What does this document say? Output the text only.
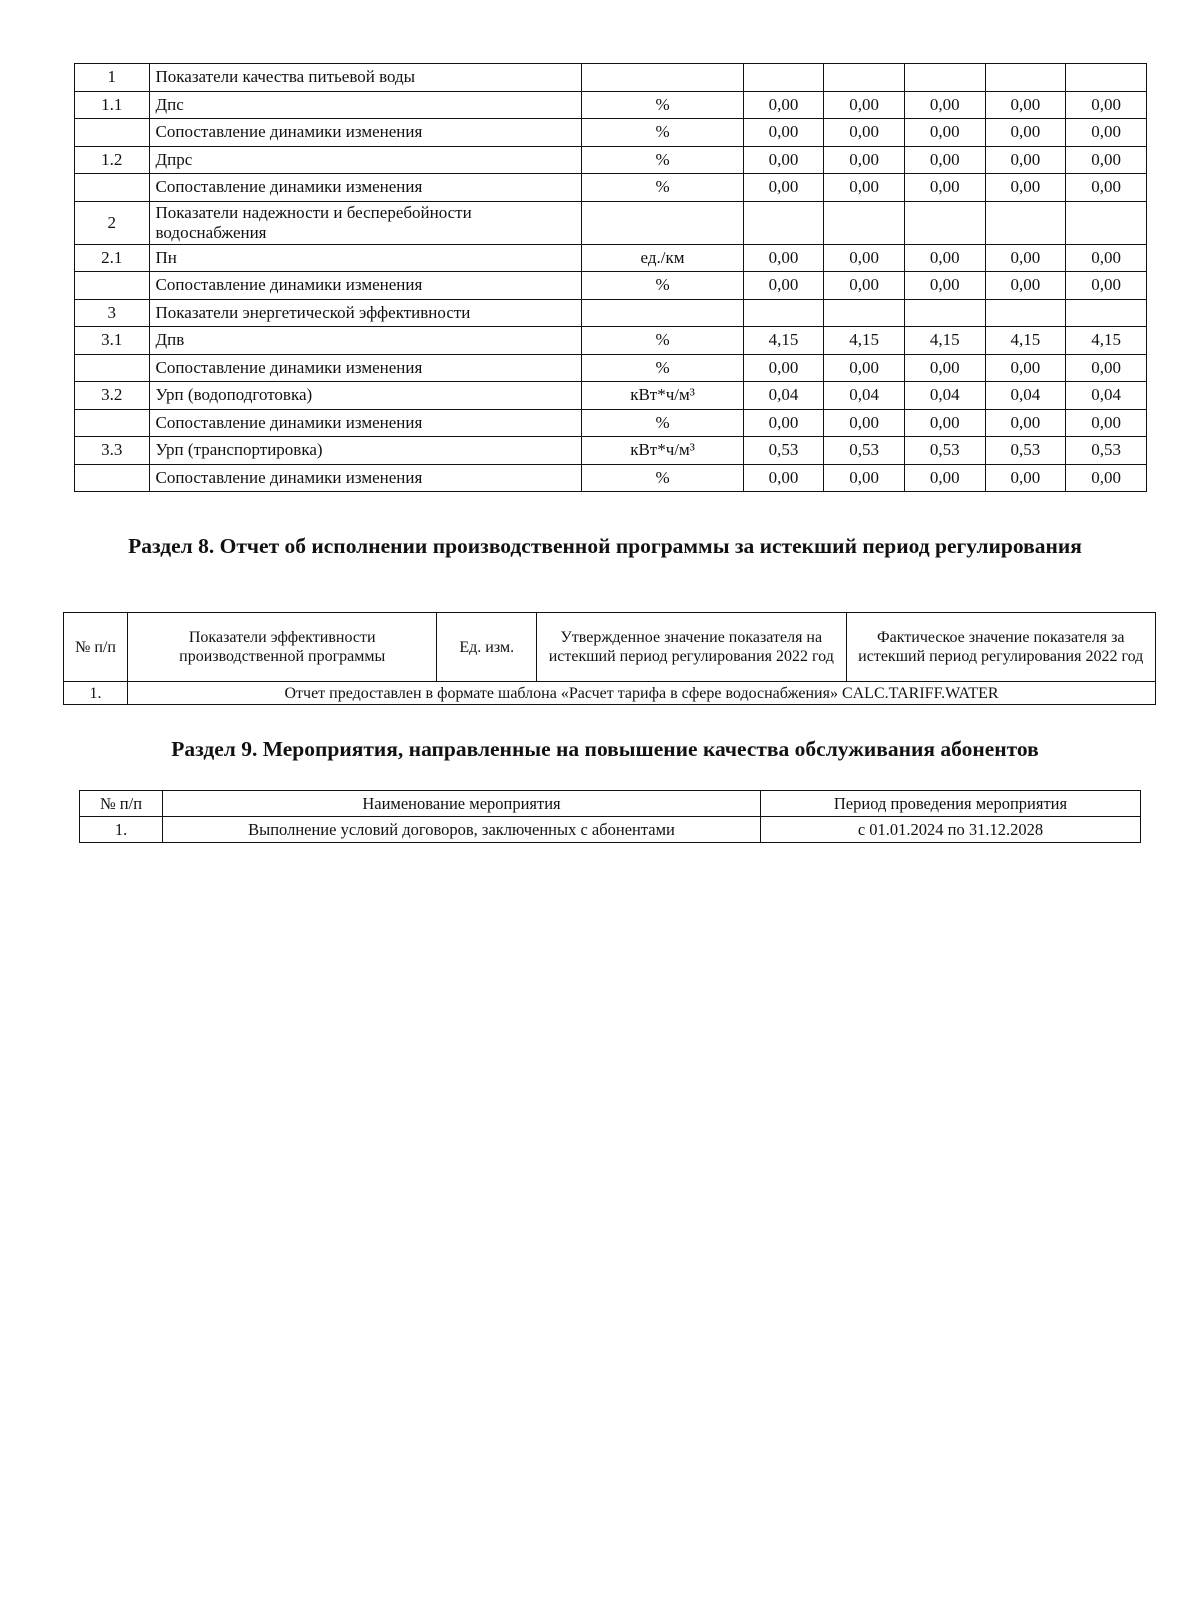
1	Показатели качества питьевой воды						
1.1	Дпс	%	0,00	0,00	0,00	0,00	0,00
	Сопоставление динамики изменения	%	0,00	0,00	0,00	0,00	0,00
1.2	Дпрс	%	0,00	0,00	0,00	0,00	0,00
	Сопоставление динамики изменения	%	0,00	0,00	0,00	0,00	0,00
2	Показатели надежности и бесперебойности водоснабжения						
2.1	Пн	ед./км	0,00	0,00	0,00	0,00	0,00
	Сопоставление динамики изменения	%	0,00	0,00	0,00	0,00	0,00
3	Показатели энергетической эффективности						
3.1	Дпв	%	4,15	4,15	4,15	4,15	4,15
	Сопоставление динамики изменения	%	0,00	0,00	0,00	0,00	0,00
3.2	Урп (водоподготовка)	кВт*ч/м³	0,04	0,04	0,04	0,04	0,04
	Сопоставление динамики изменения	%	0,00	0,00	0,00	0,00	0,00
3.3	Урп (транспортировка)	кВт*ч/м³	0,53	0,53	0,53	0,53	0,53
	Сопоставление динамики изменения	%	0,00	0,00	0,00	0,00	0,00
Раздел 8. Отчет об исполнении производственной программы за истекший период регулирования
№ п/п	Показатели эффективности производственной программы	Ед. изм.	Утвержденное значение показателя на истекший период регулирования 2022 год	Фактическое значение показателя за истекший период регулирования 2022 год
1.	Отчет предоставлен в формате шаблона «Расчет тарифа в сфере водоснабжения» CALC.TARIFF.WATER			
Раздел 9. Мероприятия, направленные на повышение качества обслуживания абонентов
№ п/п	Наименование мероприятия	Период проведения мероприятия
1.	Выполнение условий договоров, заключенных с абонентами	с 01.01.2024 по 31.12.2028
